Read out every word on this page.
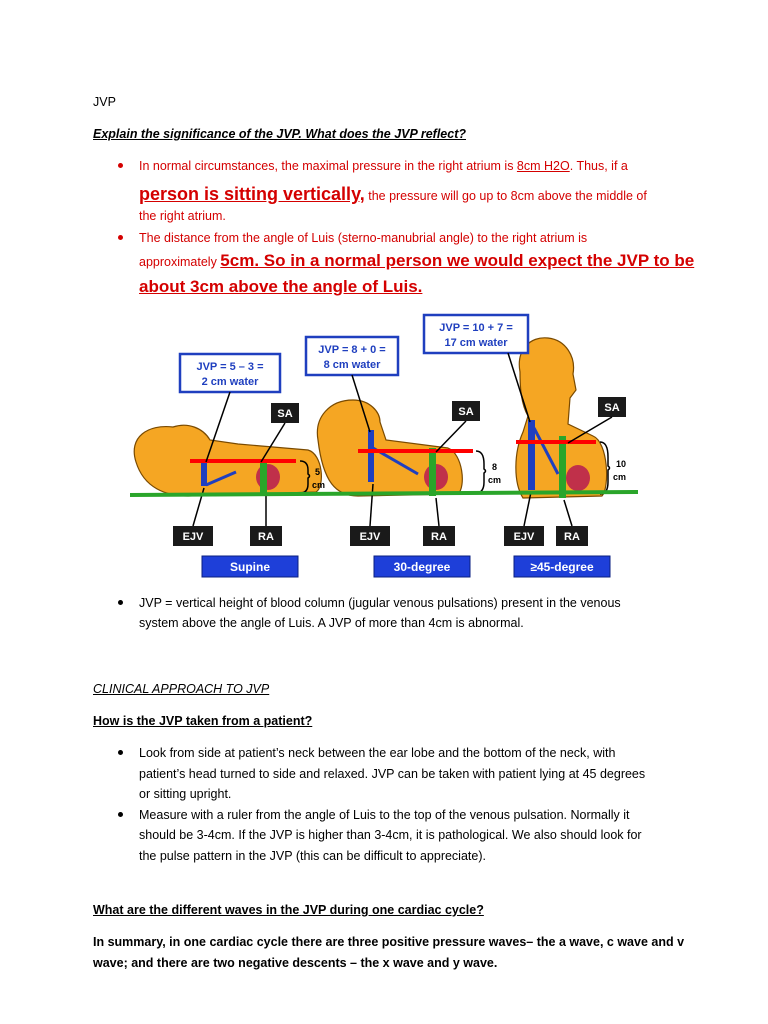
JVP
Explain the significance of the JVP. What does the JVP reflect?
In normal circumstances, the maximal pressure in the right atrium is 8cm H2O. Thus, if a
person is sitting vertically, the pressure will go up to 8cm above the middle of
the right atrium.
The distance from the angle of Luis (sterno-manubrial angle) to the right atrium is
approximately 5cm. So in a normal person we would expect the JVP to be
about 3cm above the angle of Luis.
5
cm
JVP = 5 – 3 =
2 cm water
SA
EJV	RA
Supine
8
cm
JVP = 8 + 0 =
8 cm water
SA
EJV	RA
30-degree
10
cm
JVP = 10 + 7 =
17 cm water
SA
EJV	RA
≥45-degree
JVP = vertical height of blood column (jugular venous pulsations) present in the venous
system above the angle of Luis. A JVP of more than 4cm is abnormal.
CLINICAL APPROACH TO JVP
How is the JVP taken from a patient?
Look from side at patient’s neck between the ear lobe and the bottom of the neck, with
patient’s head turned to side and relaxed. JVP can be taken with patient lying at 45 degrees
or sitting upright.
Measure with a ruler from the angle of Luis to the top of the venous pulsation. Normally it
should be 3-4cm. If the JVP is higher than 3-4cm, it is pathological. We also should look for
the pulse pattern in the JVP (this can be difficult to appreciate).
What are the different waves in the JVP during one cardiac cycle?
In summary, in one cardiac cycle there are three positive pressure waves– the a wave, c wave and v
wave; and there are two negative descents – the x wave and y wave.
